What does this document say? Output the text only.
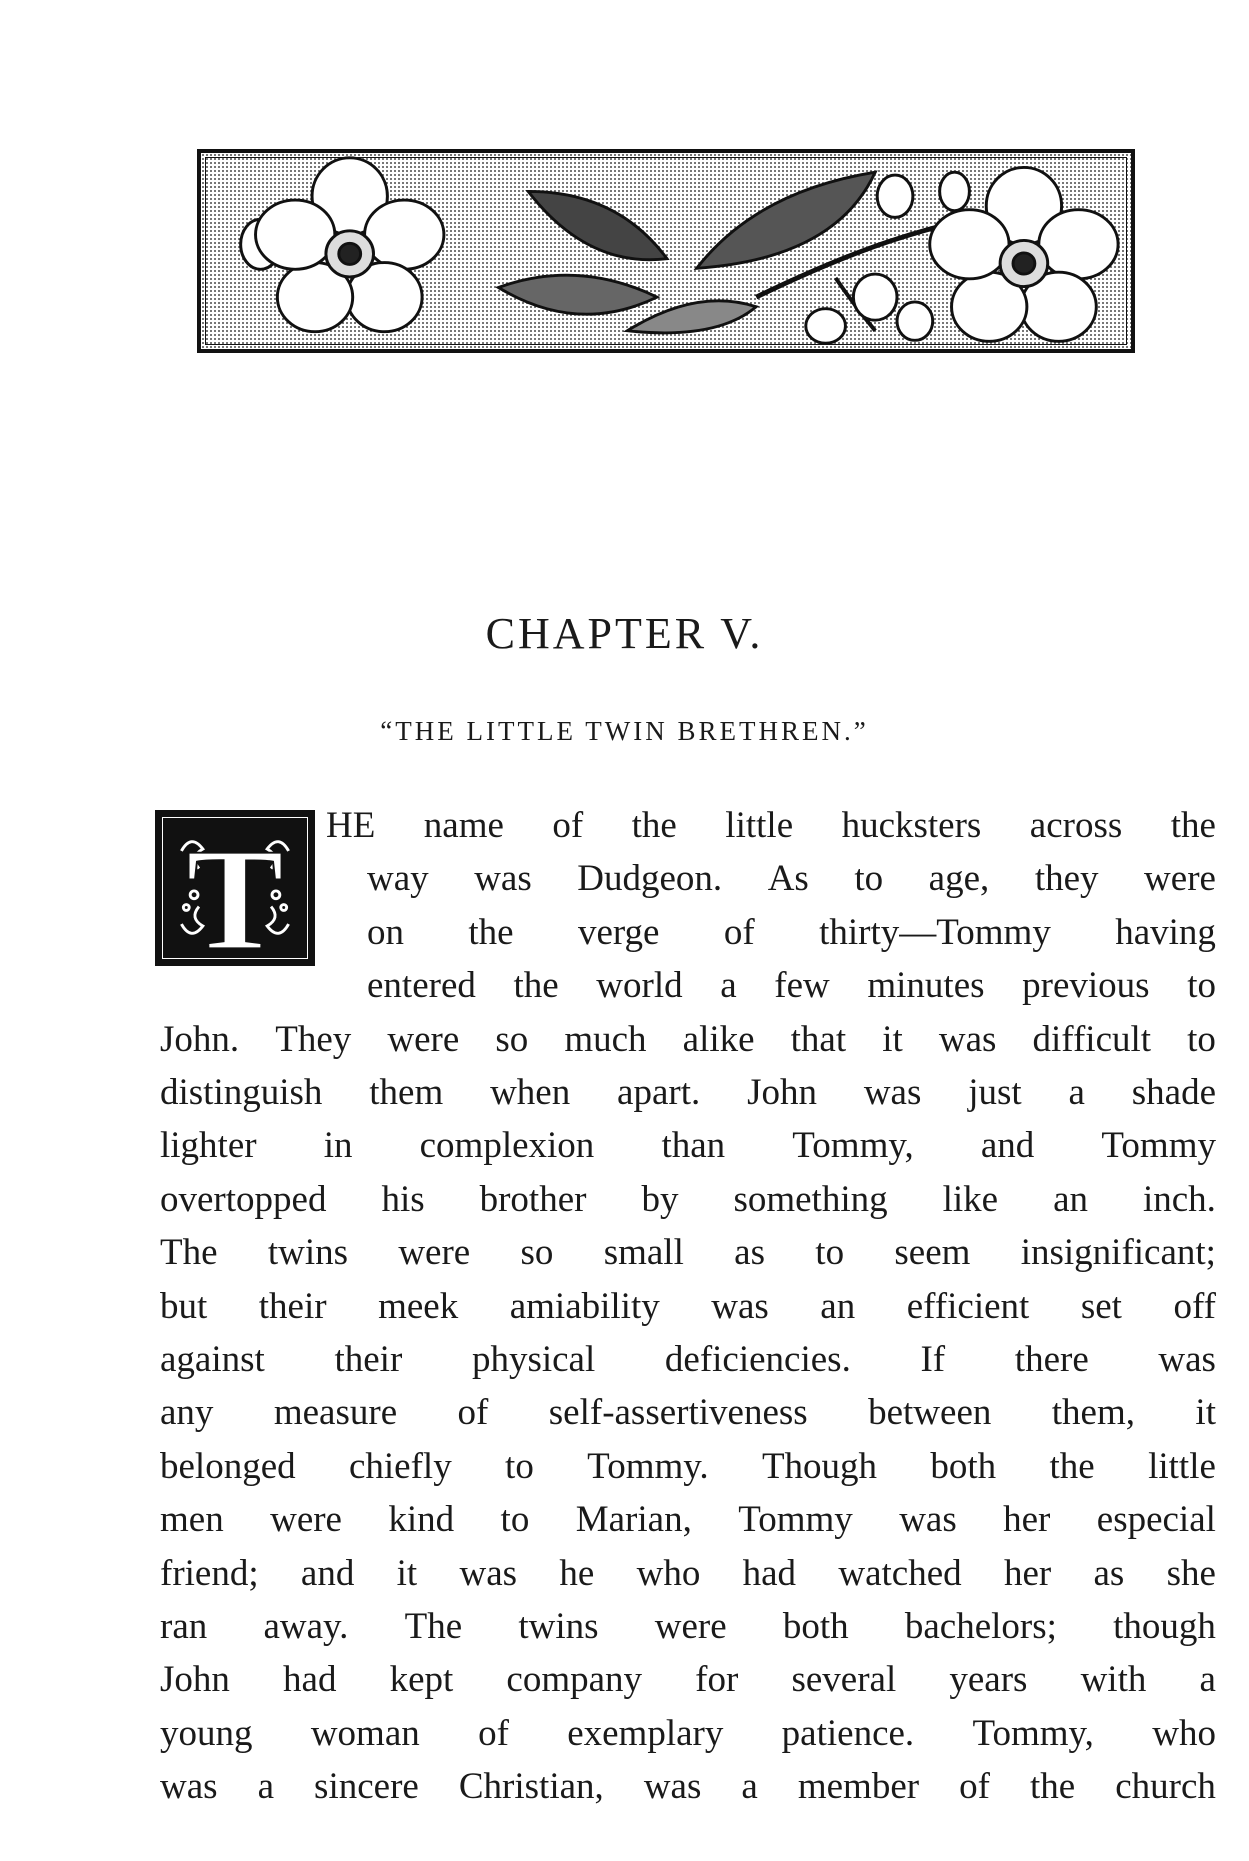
CHAPTER V.
“THE LITTLE TWIN BRETHREN.”
T HE name of the little hucksters across the
way was Dudgeon. As to age, they were
on the verge of thirty—Tommy having
entered the world a few minutes previous to
John. They were so much alike that it was difficult to
distinguish them when apart. John was just a shade
lighter in complexion than Tommy, and Tommy
overtopped his brother by something like an inch.
The twins were so small as to seem insignificant;
but their meek amiability was an efficient set off
against their physical deficiencies. If there was
any measure of self-assertiveness between them, it
belonged chiefly to Tommy. Though both the little
men were kind to Marian, Tommy was her especial
friend; and it was he who had watched her as she
ran away. The twins were both bachelors; though
John had kept company for several years with a
young woman of exemplary patience. Tommy, who
was a sincere Christian, was a member of the church
